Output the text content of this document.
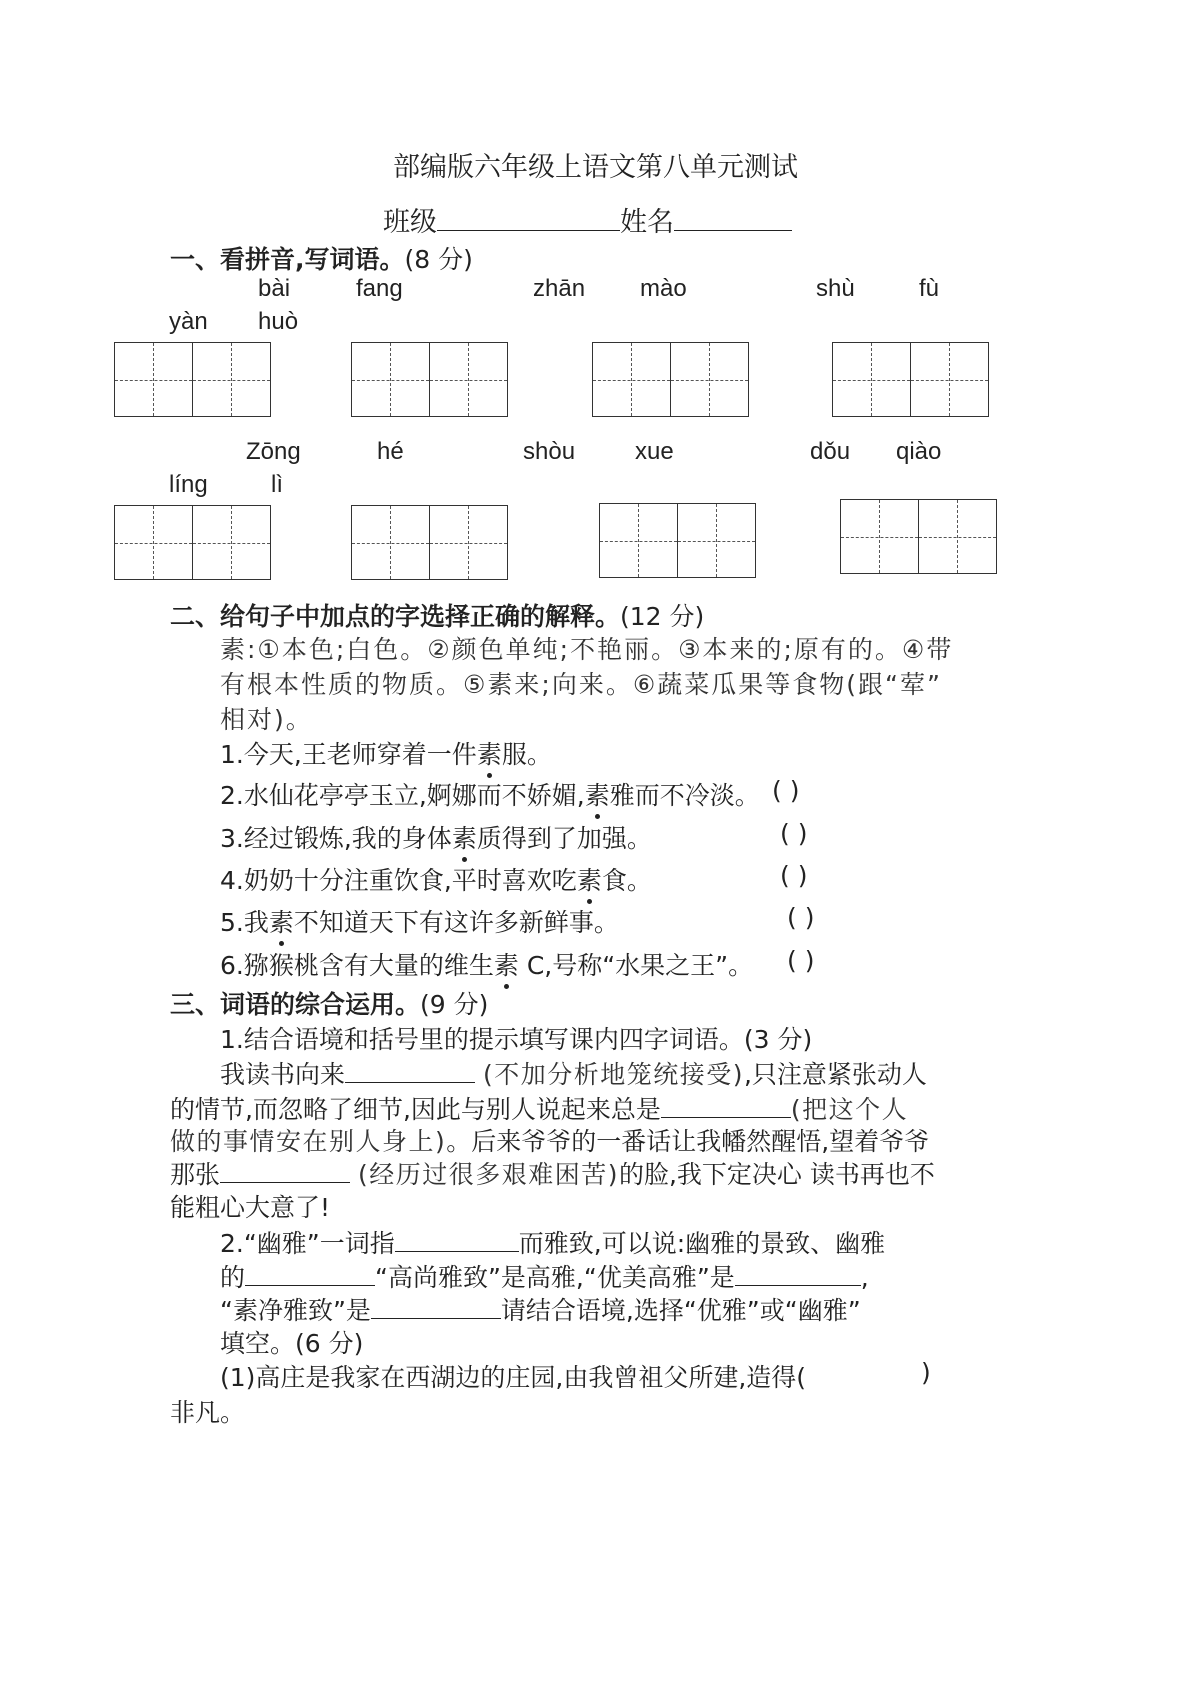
部编版六年级上语文第八单元测试
班级	姓名
一、看拼音,写词语。(8 分)
bài	fang	zhān mào	shù	fù
yàn huò
Zōng	hé	shòu xue	dǒu qiào
líng	lì
二、给句子中加点的字选择正确的解释。(12 分)
素:①本色;白色。②颜色单纯;不艳丽。③本来的;原有的。④带
有根本性质的物质。⑤素来;向来。⑥蔬菜瓜果等食物(跟“荤”
相对)。
1.今天,王老师穿着一件素服。
2.水仙花亭亭玉立,婀娜而不娇媚,素雅而不冷淡。 ( )
3.经过锻炼,我的身体素质得到了加强。	( )
4.奶奶十分注重饮食,平时喜欢吃素食。	( )
5.我素不知道天下有这许多新鲜事。	( )
6.猕猴桃含有大量的维生素 C,号称“水果之王”。 ( )
三、词语的综合运用。(9 分)
1.结合语境和括号里的提示填写课内四字词语。(3 分)
我读书向来	(不加分析地笼统接受),只注意紧张动人
的情节,而忽略了细节,因此与别人说起来总是	(把这个人
做的事情安在别人身上)。后来爷爷的一番话让我幡然醒悟,望着爷爷
那张	(经历过很多艰难困苦)的脸,我下定决心 读书再也不
能粗心大意了!
2.“幽雅”一词指	而雅致,可以说:幽雅的景致、幽雅
的	“高尚雅致”是高雅,“优美高雅”是	,
“素净雅致”是	请结合语境,选择“优雅”或“幽雅”
填空。(6 分)
(1)高庄是我家在西湖边的庄园,由我曾祖父所建,造得(	)
非凡。
